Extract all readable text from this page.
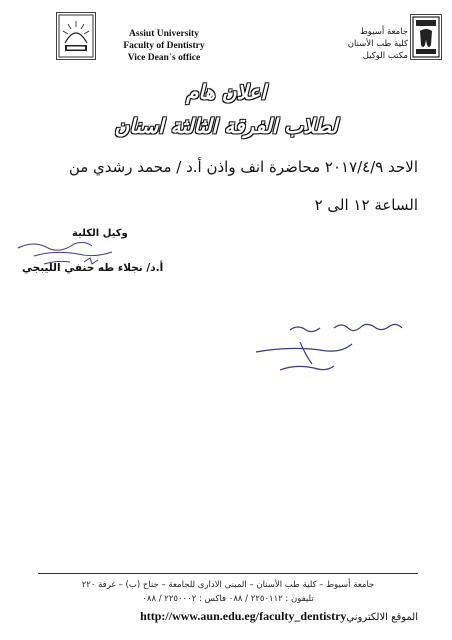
Assiut University
Faculty of Dentistry
Vice Dean`s office
جامعة أسيوط
كلية طب الأسنان
مكتب الوكيل
اعلان هام
لطلاب الفرقة الثالثة اسنان
الاحد ٢٠١٧/٤/٩ محاضرة انف واذن أ.د / محمد رشدي من
الساعة ١٢ الى ٢
وكيل الكلية
أ.د/ نجلاء طه حنفي الليبجي
جامعة أسيوط – كلية طب الأسنان – المبنى الادارى للجامعة – جناح (ب) – غرفة ٢٢٠
تليفون : ٢٢٥٠١١٢ / ٠٨٨ فاكس : ٢٢٥٠٠٠٢ / ٠٨٨
الموقع الالكترونيhttp://www.aun.edu.eg/faculty_dentistry
